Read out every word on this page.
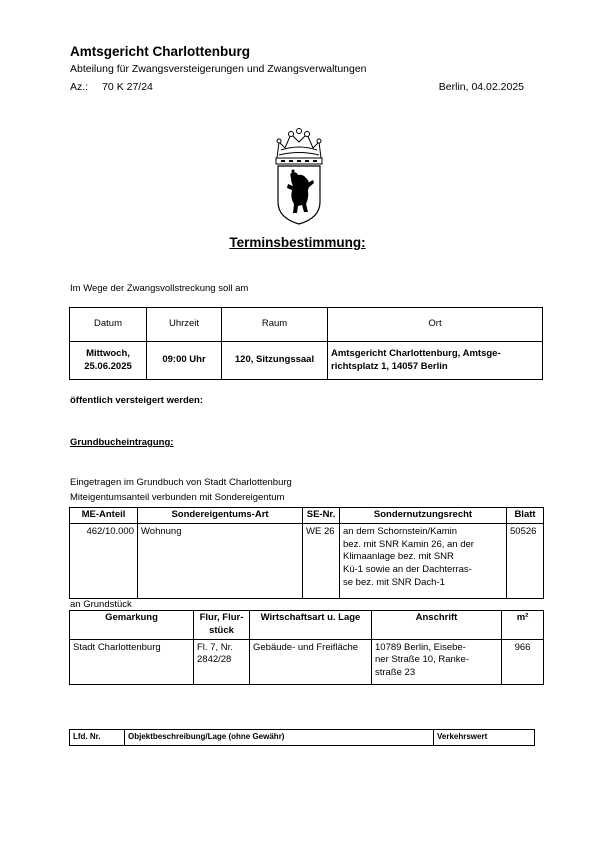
Amtsgericht Charlottenburg
Abteilung für Zwangsversteigerungen und Zwangsverwaltungen
Az.: 70 K 27/24	Berlin, 04.02.2025
Terminsbestimmung:
Im Wege der Zwangsvollstreckung soll am
Datum	Uhrzeit	Raum	Ort
Mittwoch,
25.06.2025	09:00 Uhr	120, Sitzungssaal	Amtsgericht Charlottenburg, Amtsge-
richtsplatz 1, 14057 Berlin
öffentlich versteigert werden:
Grundbucheintragung:
Eingetragen im Grundbuch von Stadt Charlottenburg
Miteigentumsanteil verbunden mit Sondereigentum
ME-Anteil	Sondereigentums-Art	SE-Nr.	Sondernutzungsrecht	Blatt
462/10.000	Wohnung	WE 26	an dem Schornstein/Kamin
bez. mit SNR Kamin 26, an der
Klimaanlage bez. mit SNR
Kü-1 sowie an der Dachterras-
se bez. mit SNR Dach-1	50526
an Grundstück
Gemarkung	Flur, Flur-
stück	Wirtschaftsart u. Lage	Anschrift	m²
Stadt Charlottenburg	Fl. 7, Nr.
2842/28	Gebäude- und Freifläche	10789 Berlin, Eisebe-
ner Straße 10, Ranke-
straße 23	966
Lfd. Nr.	Objektbeschreibung/Lage (ohne Gewähr)	Verkehrswert
